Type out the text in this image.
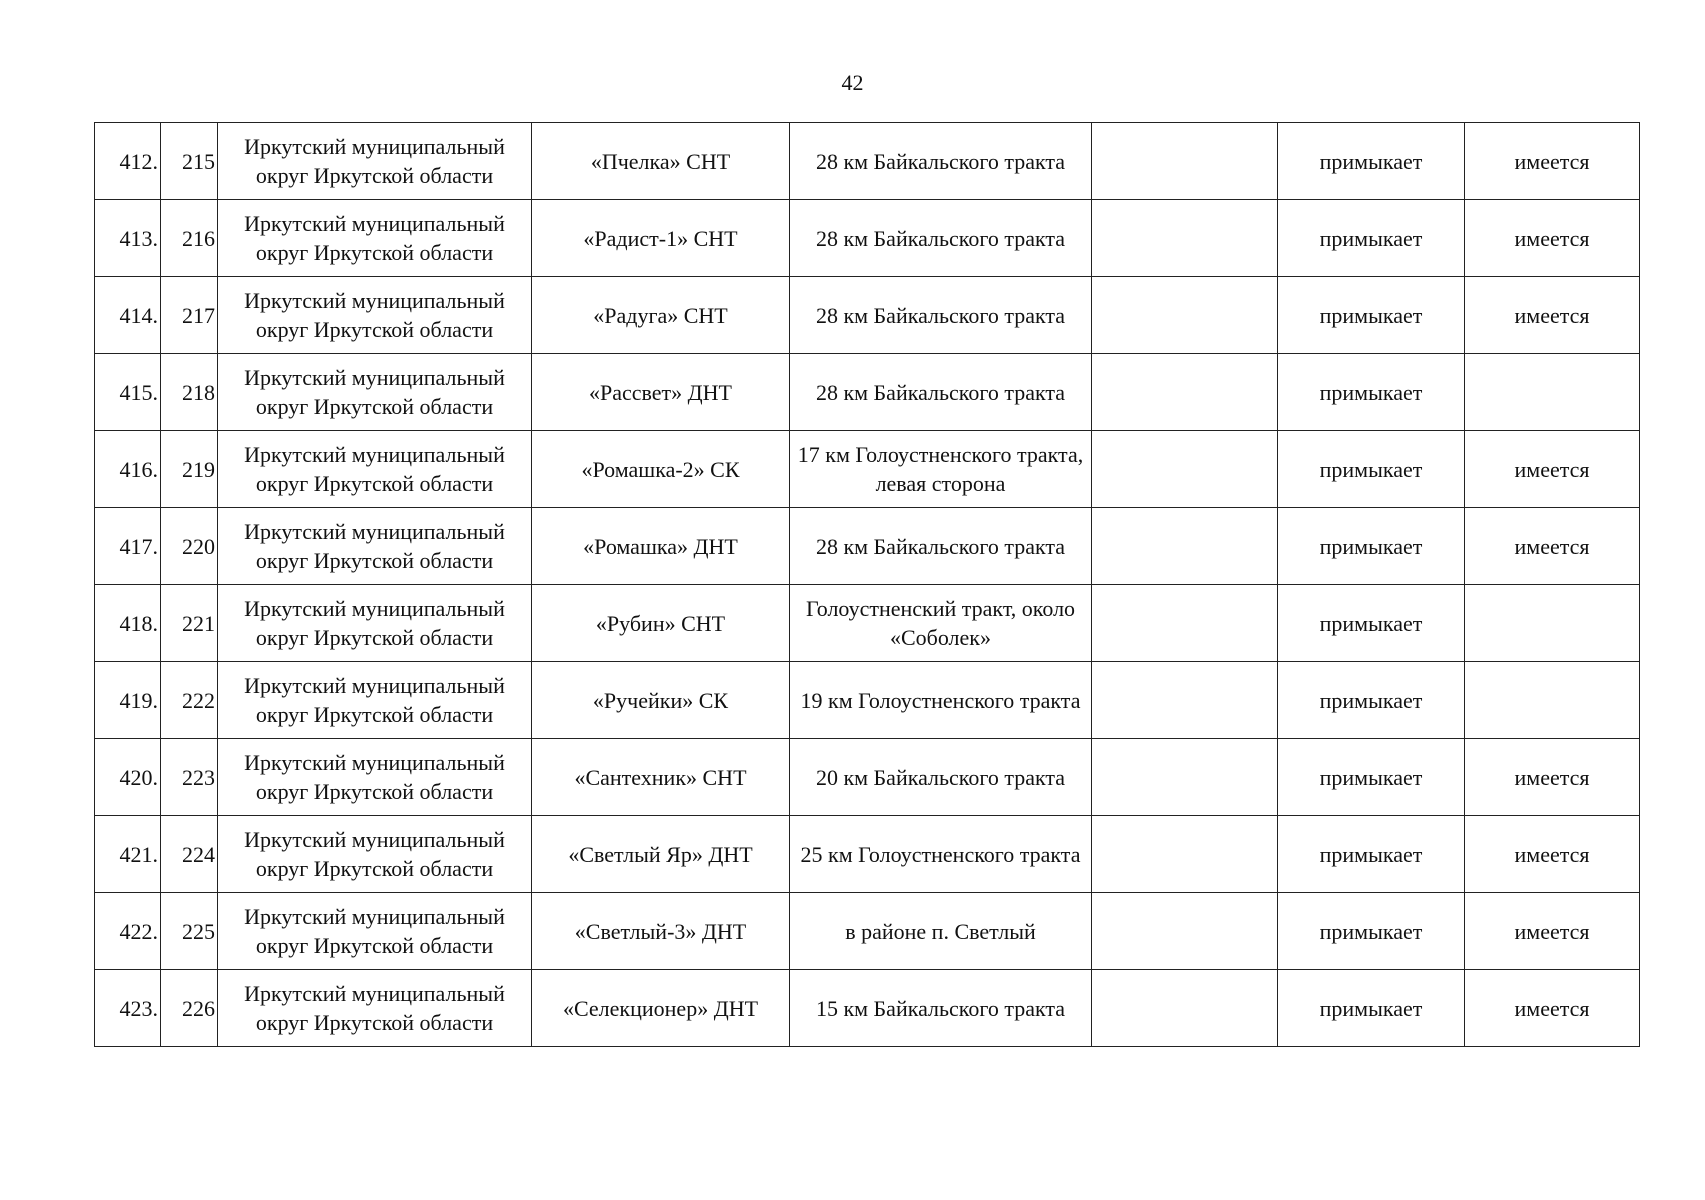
42
412.	215	Иркутский муниципальный округ Иркутской области	«Пчелка» СНТ	28 км Байкальского тракта		примыкает	имеется
413.	216	Иркутский муниципальный округ Иркутской области	«Радист-1» СНТ	28 км Байкальского тракта		примыкает	имеется
414.	217	Иркутский муниципальный округ Иркутской области	«Радуга» СНТ	28 км Байкальского тракта		примыкает	имеется
415.	218	Иркутский муниципальный округ Иркутской области	«Рассвет» ДНТ	28 км Байкальского тракта		примыкает	
416.	219	Иркутский муниципальный округ Иркутской области	«Ромашка-2» СК	17 км Голоустненского тракта, левая сторона		примыкает	имеется
417.	220	Иркутский муниципальный округ Иркутской области	«Ромашка» ДНТ	28 км Байкальского тракта		примыкает	имеется
418.	221	Иркутский муниципальный округ Иркутской области	«Рубин» СНТ	Голоустненский тракт, около «Соболек»		примыкает	
419.	222	Иркутский муниципальный округ Иркутской области	«Ручейки» СК	19 км Голоустненского тракта		примыкает	
420.	223	Иркутский муниципальный округ Иркутской области	«Сантехник» СНТ	20 км Байкальского тракта		примыкает	имеется
421.	224	Иркутский муниципальный округ Иркутской области	«Светлый Яр» ДНТ	25 км Голоустненского тракта		примыкает	имеется
422.	225	Иркутский муниципальный округ Иркутской области	«Светлый-3» ДНТ	в районе п. Светлый		примыкает	имеется
423.	226	Иркутский муниципальный округ Иркутской области	«Селекционер» ДНТ	15 км Байкальского тракта		примыкает	имеется
